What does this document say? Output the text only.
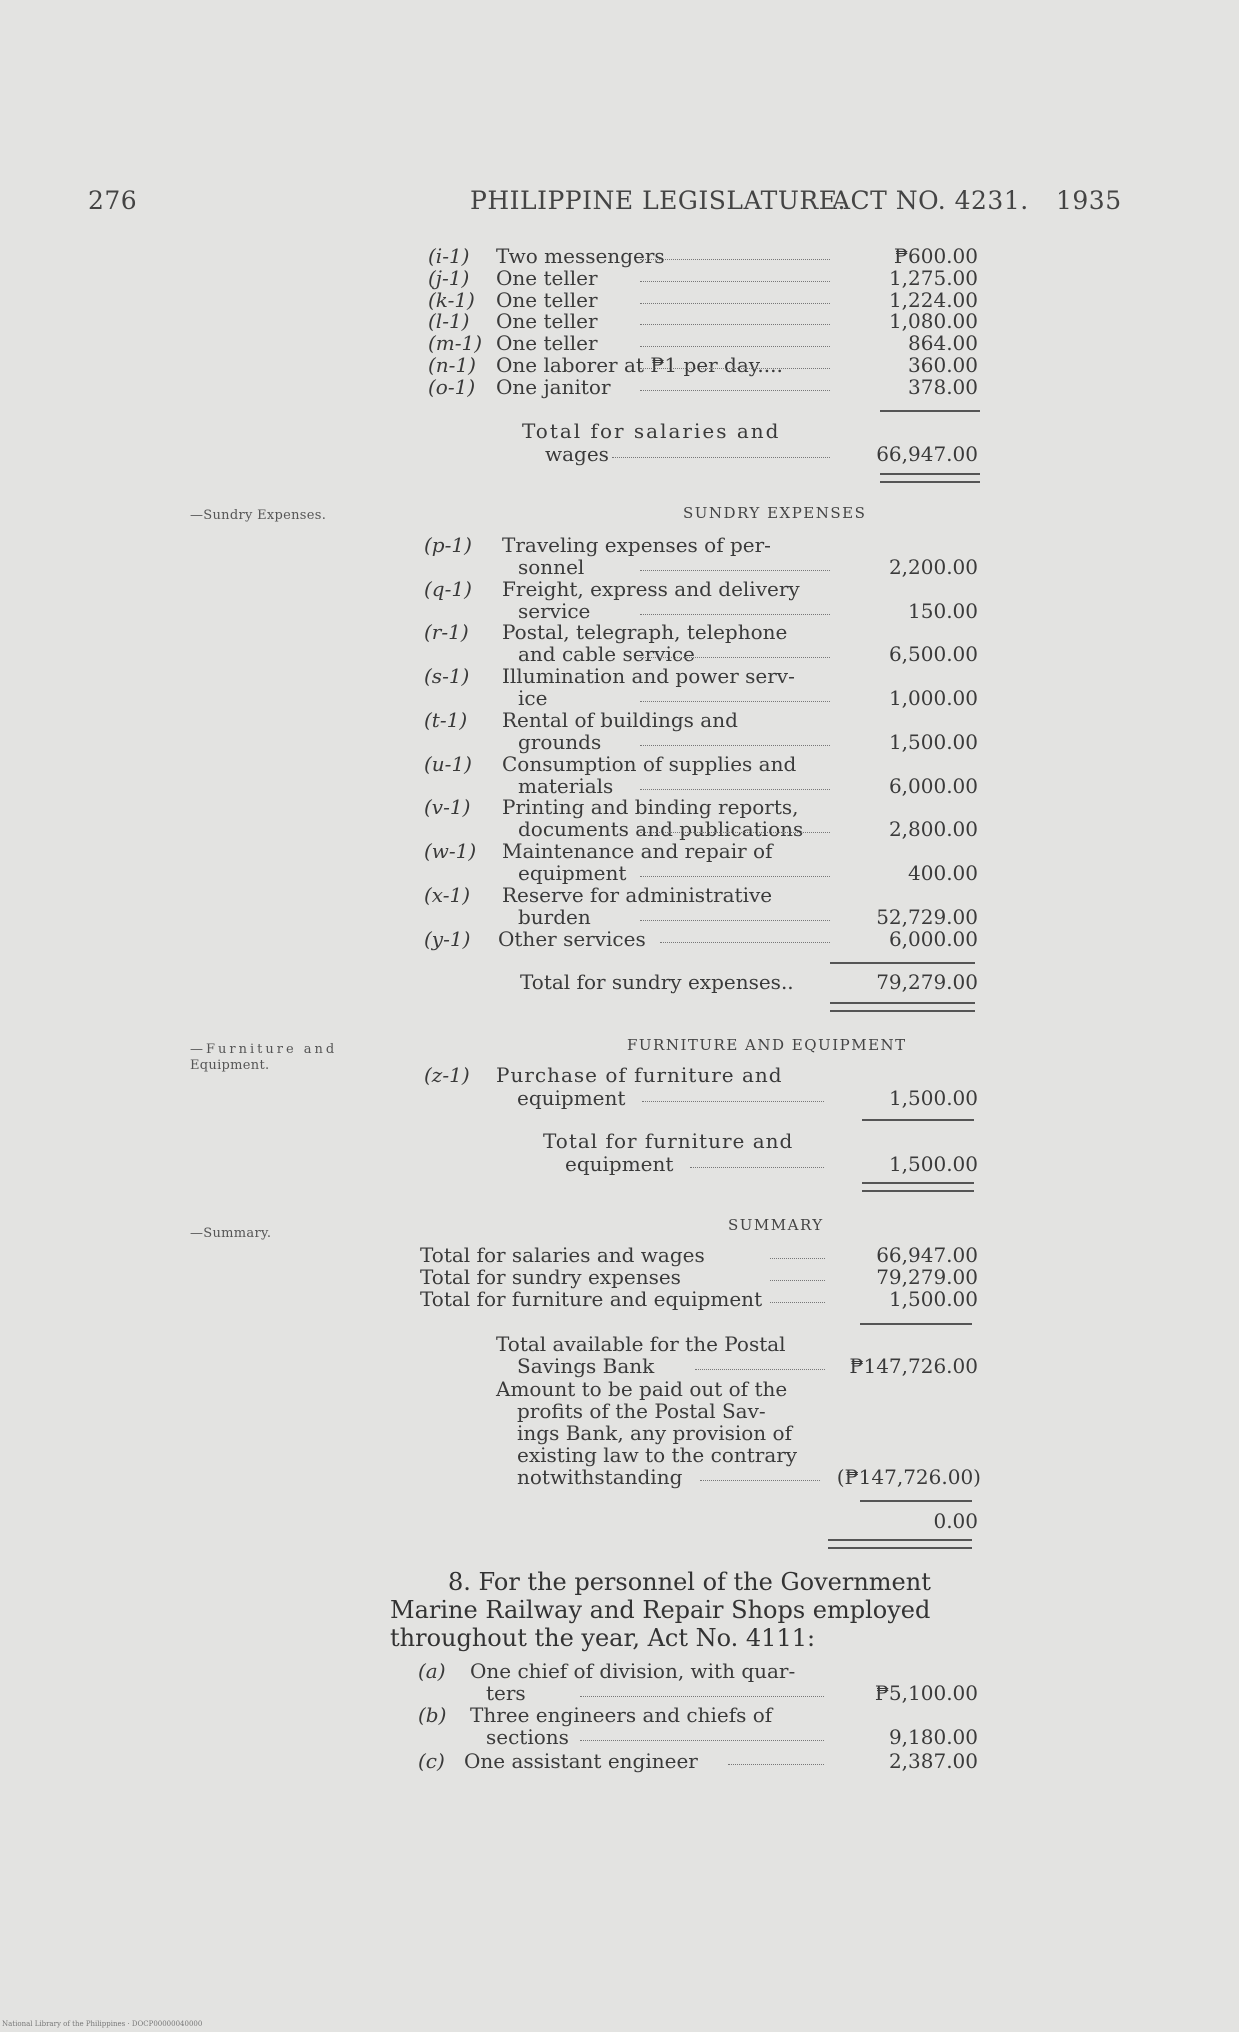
276	PHILIPPINE LEGISLATURE.
ACT NO. 4231. 1935
(i-1) Two messengers	₱600.00
(j-1) One teller	1,275.00
(k-1) One teller	1,224.00
(l-1) One teller	1,080.00
(m-1) One teller	864.00
(n-1) One laborer at ₱1 per day....	360.00
(o-1) One janitor	378.00
Total for salaries and
wages	66,947.00
—Sundry Expenses.	SUNDRY EXPENSES
(p-1) Traveling expenses of per-
sonnel	2,200.00
(q-1) Freight, express and delivery
service	150.00
(r-1) Postal, telegraph, telephone
and cable service	6,500.00
(s-1) Illumination and power serv-
ice	1,000.00
(t-1) Rental of buildings and
grounds	1,500.00
(u-1) Consumption of supplies and
materials	6,000.00
(v-1) Printing and binding reports,
documents and publications	2,800.00
(w-1) Maintenance and repair of
equipment	400.00
(x-1) Reserve for administrative
burden	52,729.00
(y-1) Other services	6,000.00
Total for sundry expenses..	79,279.00
—Furniture and
Equipment.
FURNITURE AND EQUIPMENT
(z-1) Purchase of furniture and
equipment	1,500.00
Total for furniture and
equipment	1,500.00
—Summary.	SUMMARY
Total for salaries and wages	66,947.00
Total for sundry expenses	79,279.00
Total for furniture and equipment	1,500.00
Total available for the Postal
Savings Bank	₱147,726.00
Amount to be paid out of the
profits of the Postal Sav-
ings Bank, any provision of
existing law to the contrary
notwithstanding	(₱147,726.00)
0.00
8. For the personnel of the Government
Marine Railway and Repair Shops employed
throughout the year, Act No. 4111:
(a) One chief of division, with quar-
ters	₱5,100.00
(b) Three engineers and chiefs of
sections	9,180.00
(c) One assistant engineer	2,387.00
National Library of the Philippines · DOCP00000040000
